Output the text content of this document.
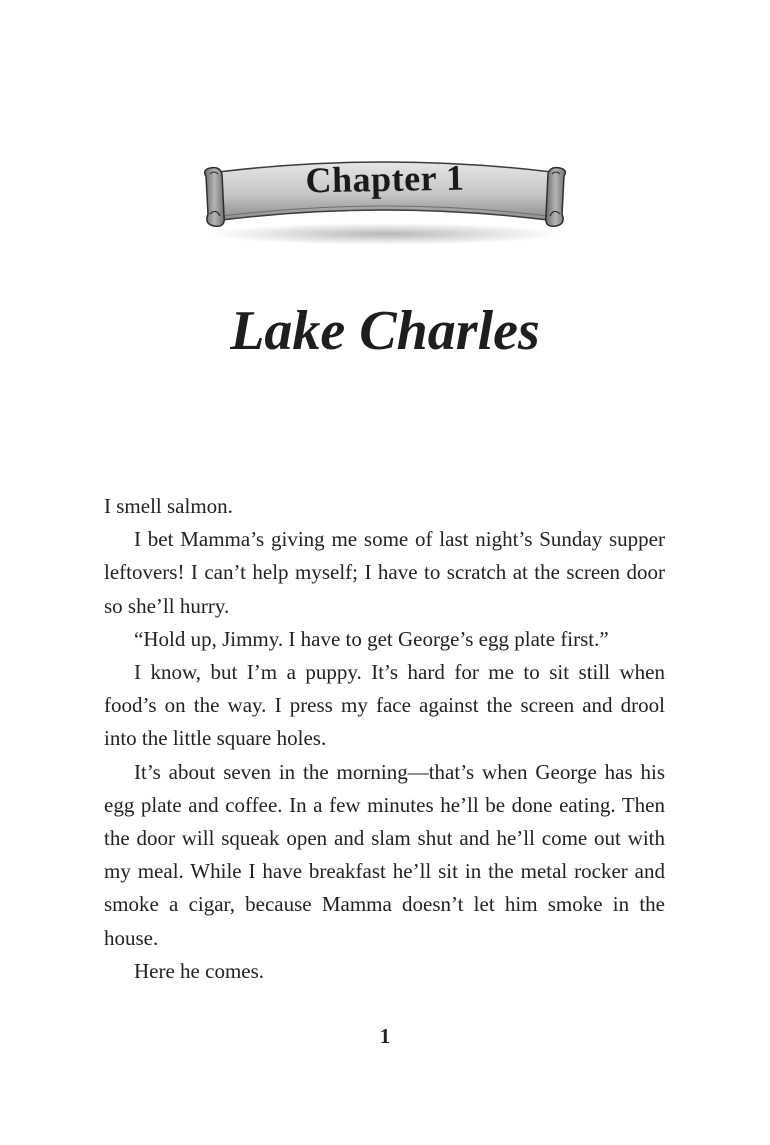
Chapter 1
Lake Charles

I smell salmon.

I bet Mamma’s giving me some of last night’s Sunday supper leftovers! I can’t help myself; I have to scratch at the screen door so she’ll hurry.

“Hold up, Jimmy. I have to get George’s egg plate first.”

I know, but I’m a puppy. It’s hard for me to sit still when food’s on the way. I press my face against the screen and drool into the little square holes.

It’s about seven in the morning—that’s when George has his egg plate and coffee. In a few minutes he’ll be done eating. Then the door will squeak open and slam shut and he’ll come out with my meal. While I have breakfast he’ll sit in the metal rocker and smoke a cigar, because Mamma doesn’t let him smoke in the house.

Here he comes.

1
